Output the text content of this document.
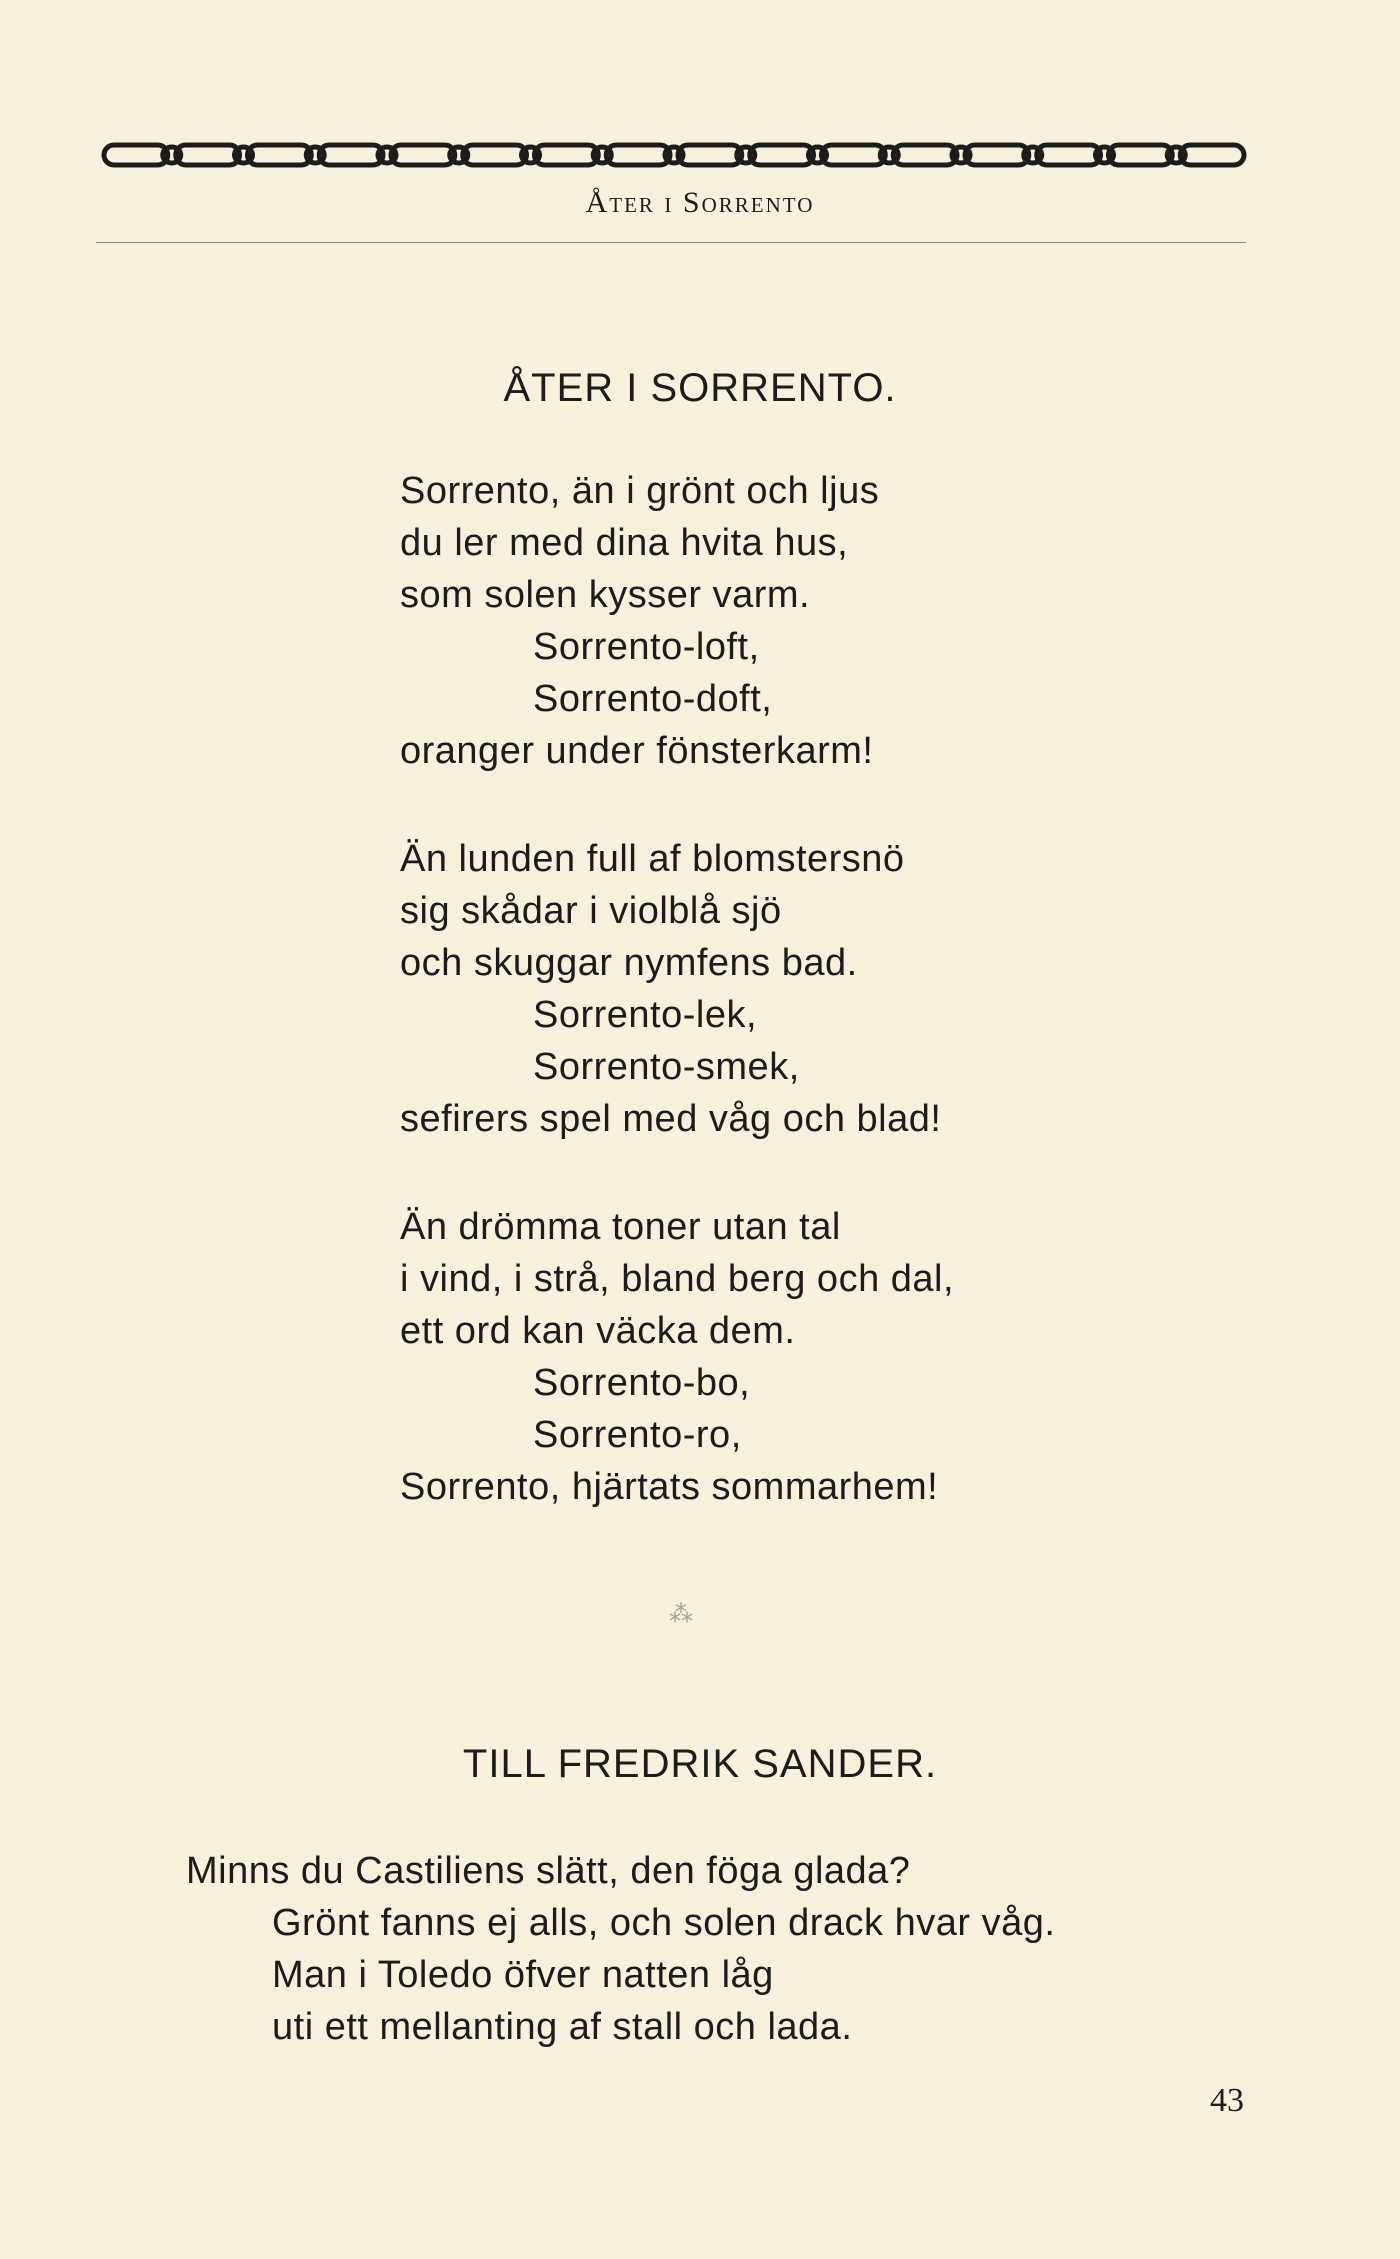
Åter i Sorrento
ÅTER I SORRENTO.
Sorrento, än i grönt och ljus
du ler med dina hvita hus,
som solen kysser varm.
Sorrento-loft,
Sorrento-doft,
oranger under fönsterkarm!
Än lunden full af blomstersnö
sig skådar i violblå sjö
och skuggar nymfens bad.
Sorrento-lek,
Sorrento-smek,
sefirers spel med våg och blad!
Än drömma toner utan tal
i vind, i strå, bland berg och dal,
ett ord kan väcka dem.
Sorrento-bo,
Sorrento-ro,
Sorrento, hjärtats sommarhem!
⁂
TILL FREDRIK SANDER.
Minns du Castiliens slätt, den föga glada?
Grönt fanns ej alls, och solen drack hvar våg.
Man i Toledo öfver natten låg
uti ett mellanting af stall och lada.
43
